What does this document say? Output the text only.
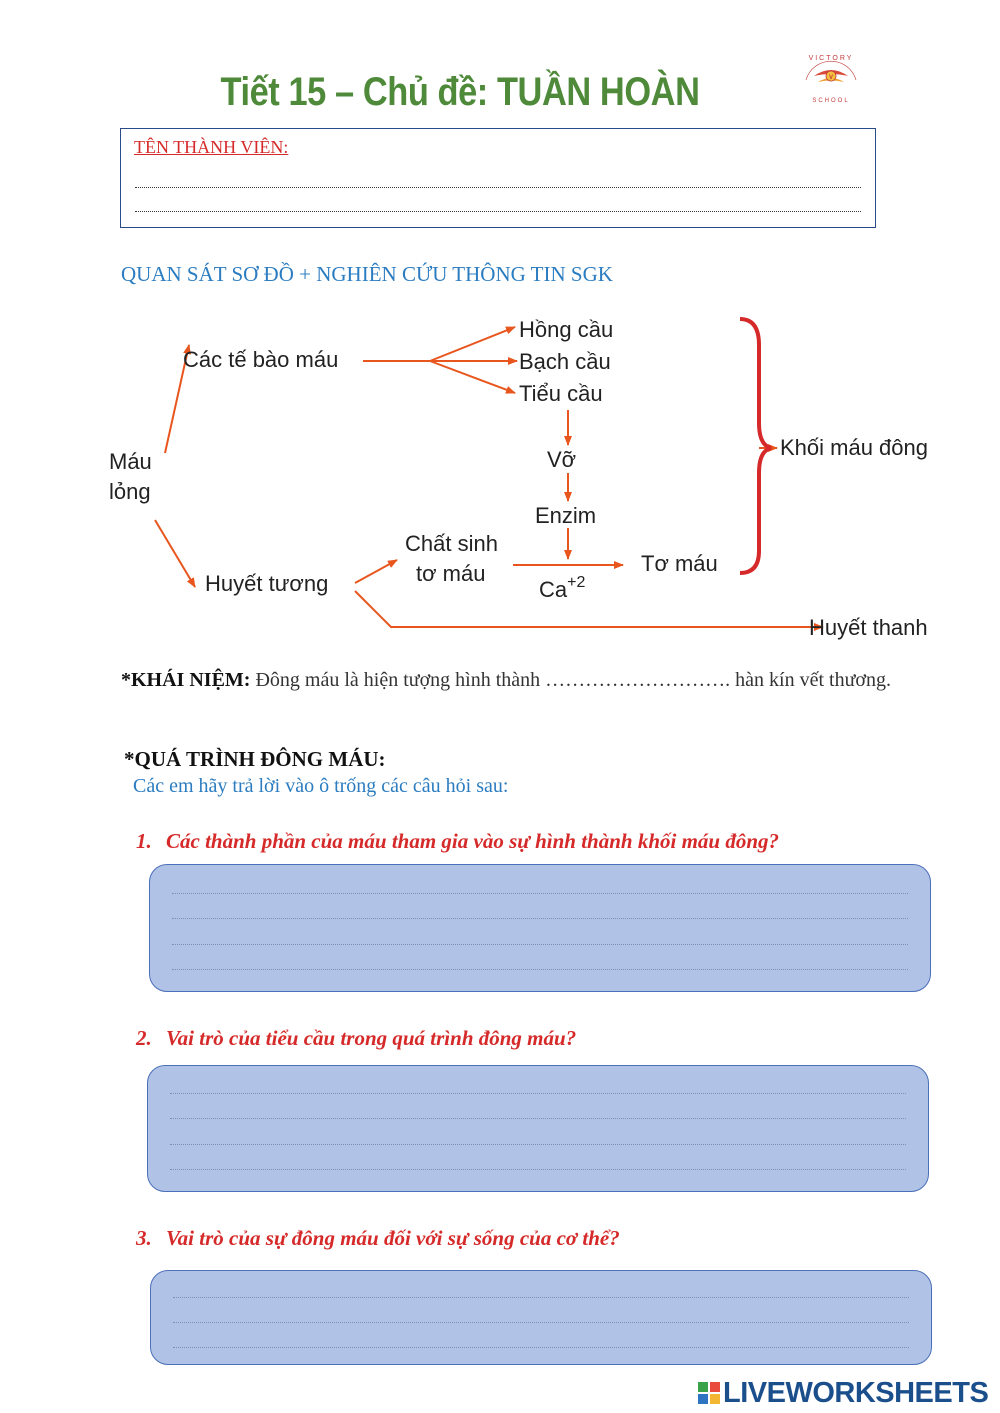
Tiết 15 – Chủ đề: TUẦN HOÀN
VICTORY
SCHOOL
V
TÊN THÀNH VIÊN:
QUAN SÁT SƠ ĐỒ + NGHIÊN CỨU THÔNG TIN SGK
Máu
lỏng
Các tế bào máu
Hồng cầu
Bạch cầu
Tiểu cầu
Vỡ
Enzim
Huyết tương
Chất sinh
tơ máu
$Ca^{+2}$
Tơ máu
Khối máu đông
Huyết thanh
*KHÁI NIỆM: Đông máu là hiện tượng hình thành ………………………. hàn kín vết thương.
*QUÁ TRÌNH ĐÔNG MÁU:
Các em hãy trả lời vào ô trống các câu hỏi sau:
1. Các thành phần của máu tham gia vào sự hình thành khối máu đông?
2. Vai trò của tiểu cầu trong quá trình đông máu?
3. Vai trò của sự đông máu đối với sự sống của cơ thể?
LIVEWORKSHEETS
